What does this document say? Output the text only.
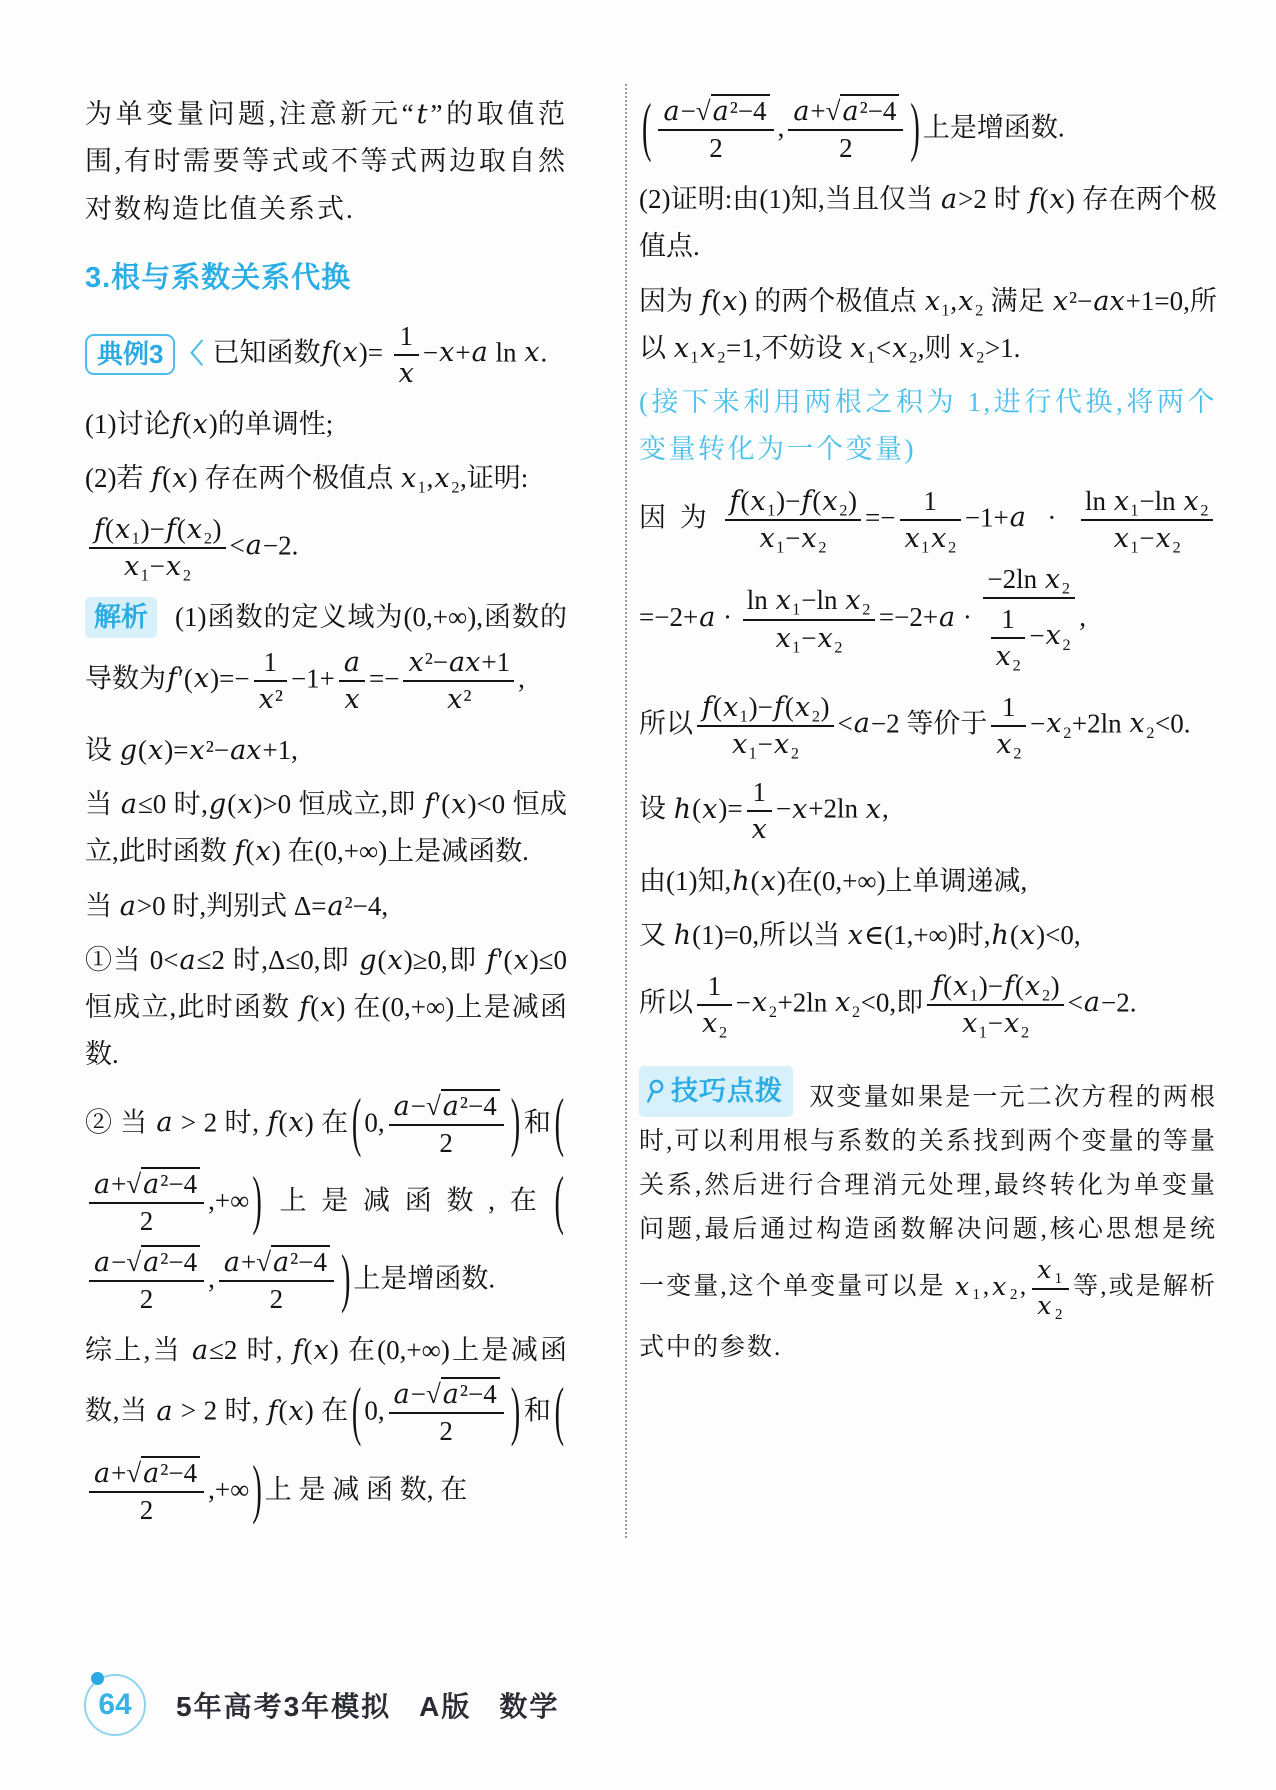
为单变量问题,注意新元“t”的取值范围,有时需要等式或不等式两边取自然对数构造比值关系式.
3.根与系数关系代换
典例3 〈 已知函数$f(x)= \frac{1}{x} -x+a$ ln x.
(1)讨论f(x)的单调性;
(2)若 f(x) 存在两个极值点 x₁,x₂,证明:
$\frac{\text{f(x₁)−f(x₂)}}{\text{x₁−x₂}} <a-2$.
解析 (1)函数的定义域为(0,+∞),函数的导数为$f'(x)=- \frac{1}{\text{x²}} -1+ \frac{a}{x} =- \frac{\text{x²−ax+1}}{\text{x²}}$ ,
设 g(x)=x²−ax+1,
当 a≤0 时,g(x)>0 恒成立,即 f′(x)<0 恒成立,此时函数 f(x) 在(0,+∞)上是减函数.
当 a>0 时,判别式 Δ=a²−4,
①当 0<a≤2 时,Δ≤0,即 g(x)≥0,即 f′(x)≤0 恒成立,此时函数 f(x) 在(0,+∞)上是减函数.
② 当 a > 2 时, f(x) 在 ( 0, $\frac{\text{a−√a²−4}}{2}$ ) 和 (
$\frac{\text{a+√a²−4}}{2}$ ,+∞ ) 上是减函数,在 (
$\frac{\text{a−√a²−4}}{2}$ , $\frac{\text{a+√a²−4}}{2}$ ) 上是增函数.
综上,当 a≤2 时, f(x) 在(0,+∞)上是减函数,当 a > 2 时, f(x) 在 ( 0, $\frac{\text{a−√a²−4}}{2}$ ) 和 (
$\frac{\text{a+√a²−4}}{2}$ ,+∞ ) 上 是 减 函 数, 在
( $\frac{\text{a−√a²−4}}{2}$ , $\frac{\text{a+√a²−4}}{2}$ ) 上是增函数.
(2)证明:由(1)知,当且仅当 a>2 时 f(x) 存在两个极值点.
因为 f(x) 的两个极值点 x₁,x₂ 满足 x²−ax+1=0,所以 x₁x₂=1,不妨设 x₁<x₂,则 x₂>1.
(接下来利用两根之积为 1,进行代换,将两个变量转化为一个变量)
因为 $\frac{\text{f(x₁)−f(x₂)}}{\text{x₁−x₂}} =- \frac{1}{\text{x₁x₂}} -1+a \cdot \frac{\text{ln x₁−ln x₂}}{\text{x₁−x₂}}$
$=-2+a \cdot \frac{\text{ln x₁−ln x₂}}{\text{x₁−x₂}} =-2+a \cdot \frac{\text{−2ln x₂}}{\frac{1}{\text{x₂}} -x_2}$ ,
所以 $\frac{\text{f(x₁)−f(x₂)}}{\text{x₁−x₂}} <a-2$ 等价于 $\frac{1}{\text{x₂}} -x_2+2\ln$ x₂<0.
设 $h(x)= \frac{1}{x} -x+2\ln$ x,
由(1)知,h(x)在(0,+∞)上单调递减,
又 h(1)=0,所以当 x∈(1,+∞)时,h(x)<0,
所以 $\frac{1}{\text{x₂}} -x_2+2\ln$ x₂<0,即 $\frac{\text{f(x₁)−f(x₂)}}{\text{x₁−x₂}} <a-2$.
技巧点拨 双变量如果是一元二次方程的两根时,可以利用根与系数的关系找到两个变量的等量关系,然后进行合理消元处理,最终转化为单变量问题,最后通过构造函数解决问题,核心思想是统一变量,这个单变量可以是 x₁,x₂, $\frac{\text{x₁}}{\text{x₂}}$ 等,或是解析式中的参数.
64 5年高考3年模拟 A版 数学
